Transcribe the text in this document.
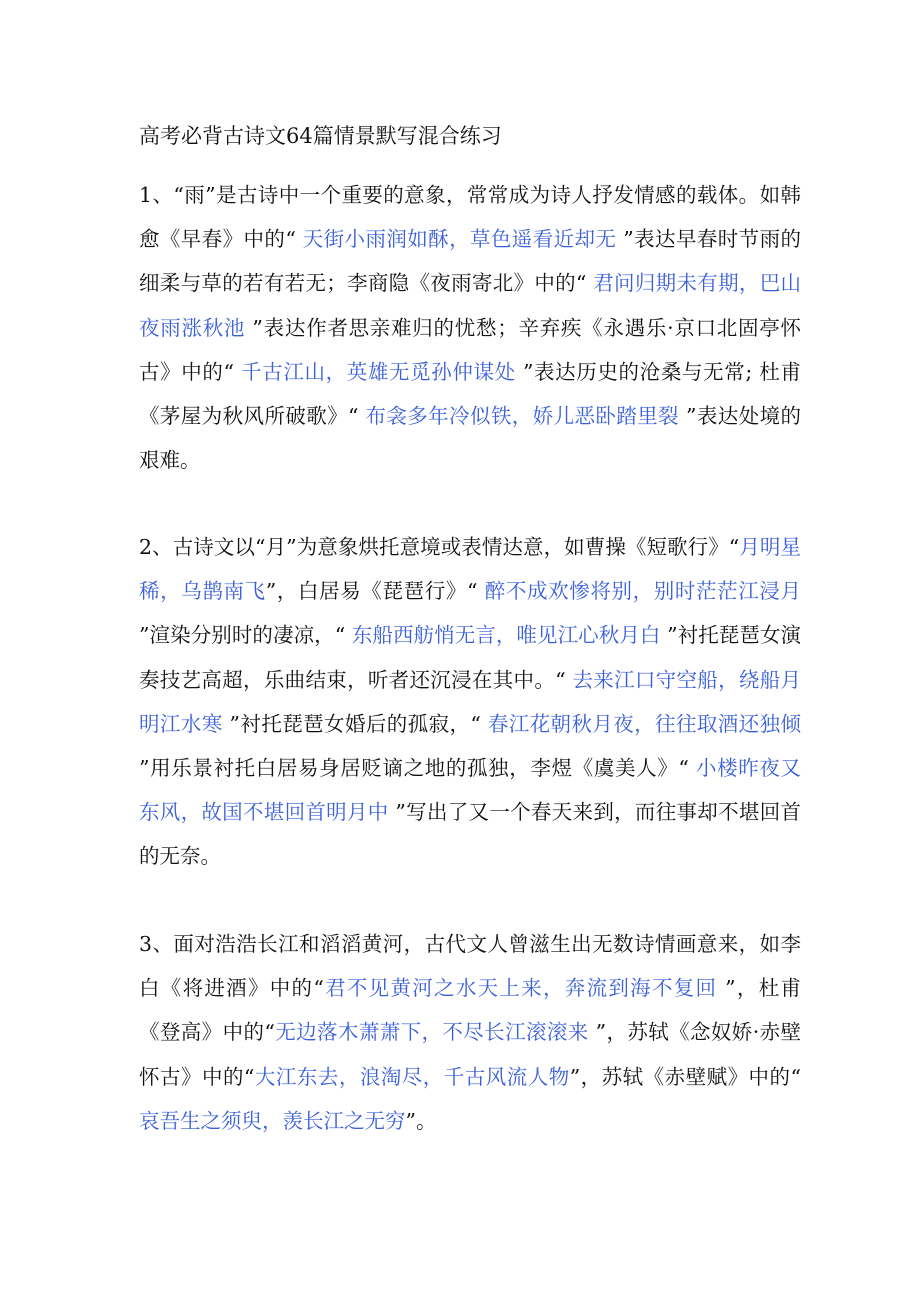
高考必背古诗文64篇情景默写混合练习

1、“雨”是古诗中一个重要的意象，常常成为诗人抒发情感的载体。如韩愈《早春》中的“ 天街小雨润如酥，草色遥看近却无 ”表达早春时节雨的细柔与草的若有若无；李商隐《夜雨寄北》中的“ 君问归期未有期，巴山夜雨涨秋池 ”表达作者思亲难归的忧愁；辛弃疾《永遇乐·京口北固亭怀古》中的“ 千古江山，英雄无觅孙仲谋处 ”表达历史的沧桑与无常; 杜甫《茅屋为秋风所破歌》“ 布衾多年冷似铁，娇儿恶卧踏里裂 ”表达处境的艰难。

2、古诗文以“月”为意象烘托意境或表情达意，如曹操《短歌行》“月明星稀，乌鹊南飞”，白居易《琵琶行》“ 醉不成欢惨将别，别时茫茫江浸月 ”渲染分别时的凄凉，“ 东船西舫悄无言，唯见江心秋月白 ”衬托琵琶女演奏技艺高超，乐曲结束，听者还沉浸在其中。“ 去来江口守空船，绕船月明江水寒 ”衬托琵琶女婚后的孤寂，“ 春江花朝秋月夜，往往取酒还独倾 ”用乐景衬托白居易身居贬谪之地的孤独，李煜《虞美人》“ 小楼昨夜又东风，故国不堪回首明月中 ”写出了又一个春天来到，而往事却不堪回首的无奈。

3、面对浩浩长江和滔滔黄河，古代文人曾滋生出无数诗情画意来，如李白《将进酒》中的“君不见黄河之水天上来，奔流到海不复回 ”，杜甫《登高》中的“无边落木萧萧下，不尽长江滚滚来 ”，苏轼《念奴娇·赤壁怀古》中的“大江东去，浪淘尽，千古风流人物”，苏轼《赤壁赋》中的“ 哀吾生之须臾，羡长江之无穷”。
